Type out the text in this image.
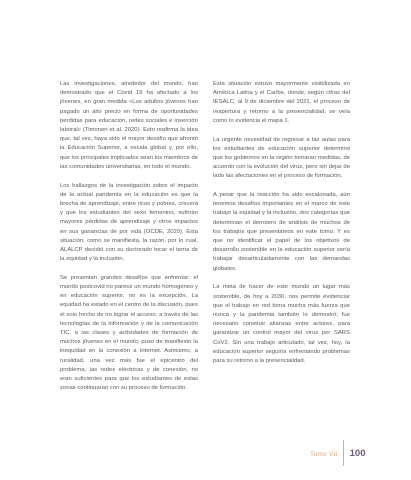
Las investigaciones, alrededor del mundo, han demostrado que el Covid 19 ha afectado a los jóvenes, en gran medida «Los adultos jóvenes han pagado un alto precio en forma de oportunidades perdidas para educación, redes sociales e inserción laboral» (Timonen et al. 2020). Esto reafirma la idea que, tal vez, haya sido el mayor desafío que afrontó la Educación Superior, a escala global y, por ello, que los principales implicados sean los miembros de las comunidades universitarias, en todo el mundo.

Los hallazgos de la investigación sobre el impacto de la actual pandemia en la educación es que la brecha de aprendizaje, entre ricos y pobres, crecerá y que los estudiantes del sexo femenino, sufrirán mayores pérdidas de aprendizaje y otros impactos en sus ganancias de por vida (OCDE, 2020). Esta situación, como se manifiesta, la razón, por lo cual, ALALCP decidió con su doctorado tocar el tema de la equidad y la inclusión.

Se presentan grandes desafíos que enfrentar: el mundo postcovid no parece un mundo homogéneo y en educación superior, no es la excepción. La equidad ha estado en el centro de la discusión, pues el solo hecho de no lograr el acceso, a través de las tecnologías de la información y de la comunicación TIC, a las clases y actividades de formación de muchos jóvenes en el mundo, puso de manifiesto la inequidad en la conexión a Internet. Asimismo, a ruralidad, una vez más fue el epicentro del problema, las redes eléctricas y de conexión, no eran suficientes para que los estudiantes de estas zonas continuaran con su proceso de formación.

Esta situación estuvo mayormente visibilizada en América Latina y el Caribe, donde, según cifras del IESALC, al 9 de diciembre del 2021, el proceso de reapertura y retorno a la presencialidad, se veía como lo evidencia el mapa 1.

La urgente necesidad de regresar a las aulas para los estudiantes de educación superior determinó que los gobiernos en la región tomaran medidas, de acuerdo con la evolución del virus, pero sin dejar de lado las afectaciones en el proceso de formación.

A pesar que la reacción ha sido escalonada, aún tenemos desafíos importantes en el marco de este trabajo la equidad y la inclusión, dos categorías que determinan el derrotero de análisis de muchos de los trabajos que presentamos en este tomo. Y es que no identificar el papel de los objetivos de desarrollo sostenible en la educación superior sería trabajar desarticuladamente con las demandas globales.

La meta de hacer de este mundo un lugar más sostenible, de hoy a 2030, nos permite evidenciar que el trabajo en red toma mucha más fuerza que nunca y la pandemia también lo demostró; fue necesario construir alianzas entre actores, para garantizar un control mayor del virus por SARS CoV2. Sin una trabajo articulado, tal vez, hoy, la educación superior seguiría enfrentando problemas para su retorno a la presencialidad.

Tomo VII	100
